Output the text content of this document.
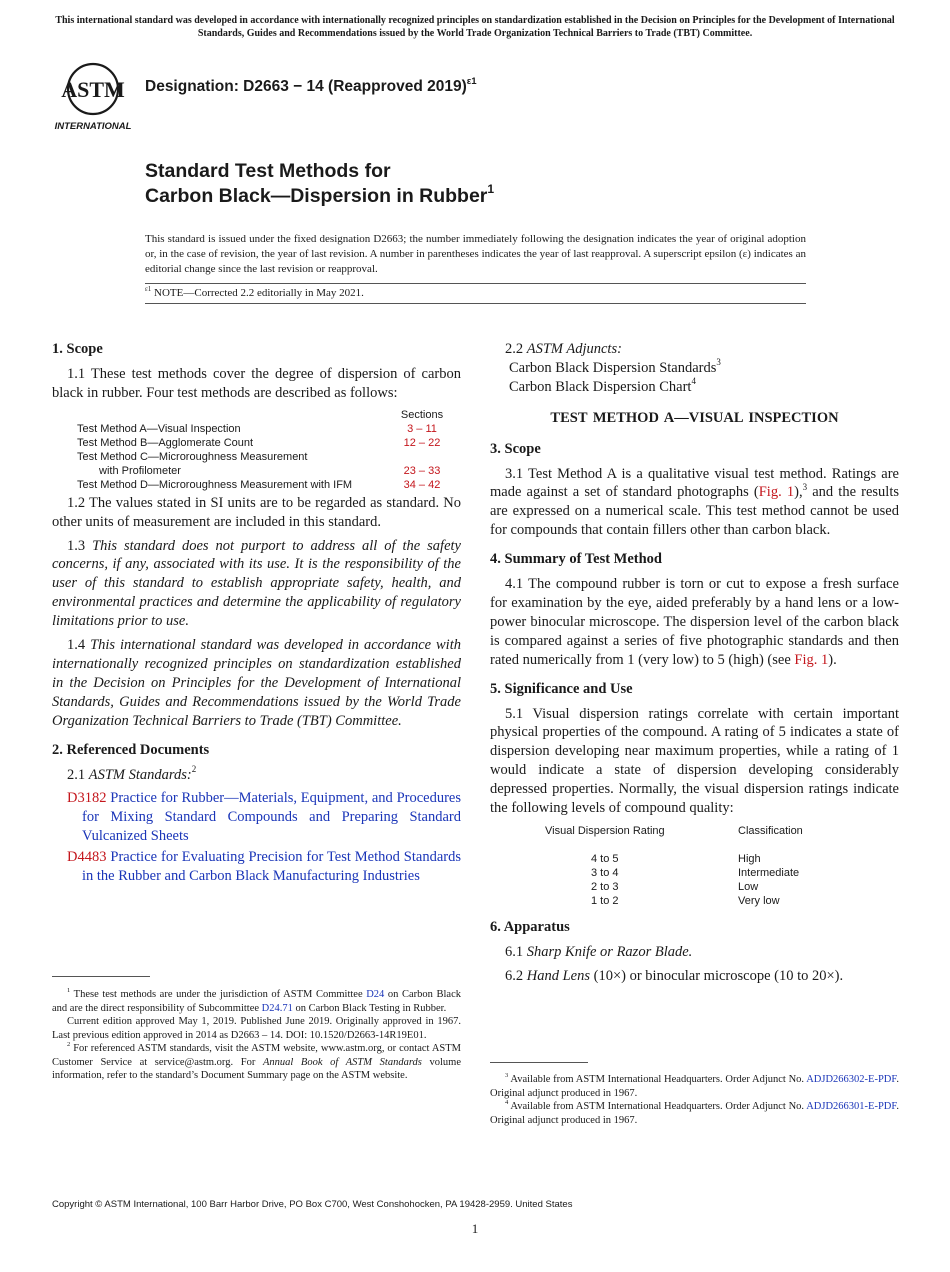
This international standard was developed in accordance with internationally recognized principles on standardization established in the Decision on Principles for the Development of International Standards, Guides and Recommendations issued by the World Trade Organization Technical Barriers to Trade (TBT) Committee.
ASTM
INTERNATIONAL
Designation: D2663 − 14 (Reapproved 2019)$^{\varepsilon 1}$
Standard Test Methods for
Carbon Black—Dispersion in Rubber$^1$
This standard is issued under the fixed designation D2663; the number immediately following the designation indicates the year of original adoption or, in the case of revision, the year of last revision. A number in parentheses indicates the year of last reapproval. A superscript epsilon (ε) indicates an editorial change since the last revision or reapproval.
$^{\varepsilon 1}$ NOTE—Corrected 2.2 editorially in May 2021.
1. Scope

1.1 These test methods cover the degree of dispersion of carbon black in rubber. Four test methods are described as follows:

Sections
Test Method A—Visual Inspection	3 – 11
Test Method B—Agglomerate Count	12 – 22
Test Method C—Microroughness Measurement
with Profilometer	23 – 33
Test Method D—Microroughness Measurement with IFM	34 – 42

1.2 The values stated in SI units are to be regarded as standard. No other units of measurement are included in this standard.

1.3 This standard does not purport to address all of the safety concerns, if any, associated with its use. It is the responsibility of the user of this standard to establish appropriate safety, health, and environmental practices and determine the applicability of regulatory limitations prior to use.

1.4 This international standard was developed in accordance with internationally recognized principles on standardization established in the Decision on Principles for the Development of International Standards, Guides and Recommendations issued by the World Trade Organization Technical Barriers to Trade (TBT) Committee.

2. Referenced Documents

2.1 ASTM Standards:$^2$

D3182 Practice for Rubber—Materials, Equipment, and Procedures for Mixing Standard Compounds and Preparing Standard Vulcanized Sheets
D4483 Practice for Evaluating Precision for Test Method Standards in the Rubber and Carbon Black Manufacturing Industries
$^1$ These test methods are under the jurisdiction of ASTM Committee D24 on Carbon Black and are the direct responsibility of Subcommittee D24.71 on Carbon Black Testing in Rubber.
Current edition approved May 1, 2019. Published June 2019. Originally approved in 1967. Last previous edition approved in 2014 as D2663 – 14. DOI: 10.1520/D2663-14R19E01.
$^2$ For referenced ASTM standards, visit the ASTM website, www.astm.org, or contact ASTM Customer Service at service@astm.org. For Annual Book of ASTM Standards volume information, refer to the standard’s Document Summary page on the ASTM website.
2.2 ASTM Adjuncts:
Carbon Black Dispersion Standards$^3$
Carbon Black Dispersion Chart$^4$
TEST METHOD A—VISUAL INSPECTION
3. Scope

3.1 Test Method A is a qualitative visual test method. Ratings are made against a set of standard photographs (Fig. 1),$^3$ and the results are expressed on a numerical scale. This test method cannot be used for compounds that contain fillers other than carbon black.

4. Summary of Test Method

4.1 The compound rubber is torn or cut to expose a fresh surface for examination by the eye, aided preferably by a hand lens or a low-power binocular microscope. The dispersion level of the carbon black is compared against a series of five photographic standards and then rated numerically from 1 (very low) to 5 (high) (see Fig. 1).

5. Significance and Use

5.1 Visual dispersion ratings correlate with certain important physical properties of the compound. A rating of 5 indicates a state of dispersion developing near maximum properties, while a rating of 1 would indicate a state of dispersion developing considerably depressed properties. Normally, the visual dispersion ratings indicate the following levels of compound quality:

Visual Dispersion Rating	Classification
4 to 5	High
3 to 4	Intermediate
2 to 3	Low
1 to 2	Very low
6. Apparatus

6.1 Sharp Knife or Razor Blade.

6.2 Hand Lens (10×) or binocular microscope (10 to 20×).

$^3$ Available from ASTM International Headquarters. Order Adjunct No. ADJD266302-E-PDF. Original adjunct produced in 1967.
$^4$ Available from ASTM International Headquarters. Order Adjunct No. ADJD266301-E-PDF. Original adjunct produced in 1967.
Copyright © ASTM International, 100 Barr Harbor Drive, PO Box C700, West Conshohocken, PA 19428-2959. United States
1
